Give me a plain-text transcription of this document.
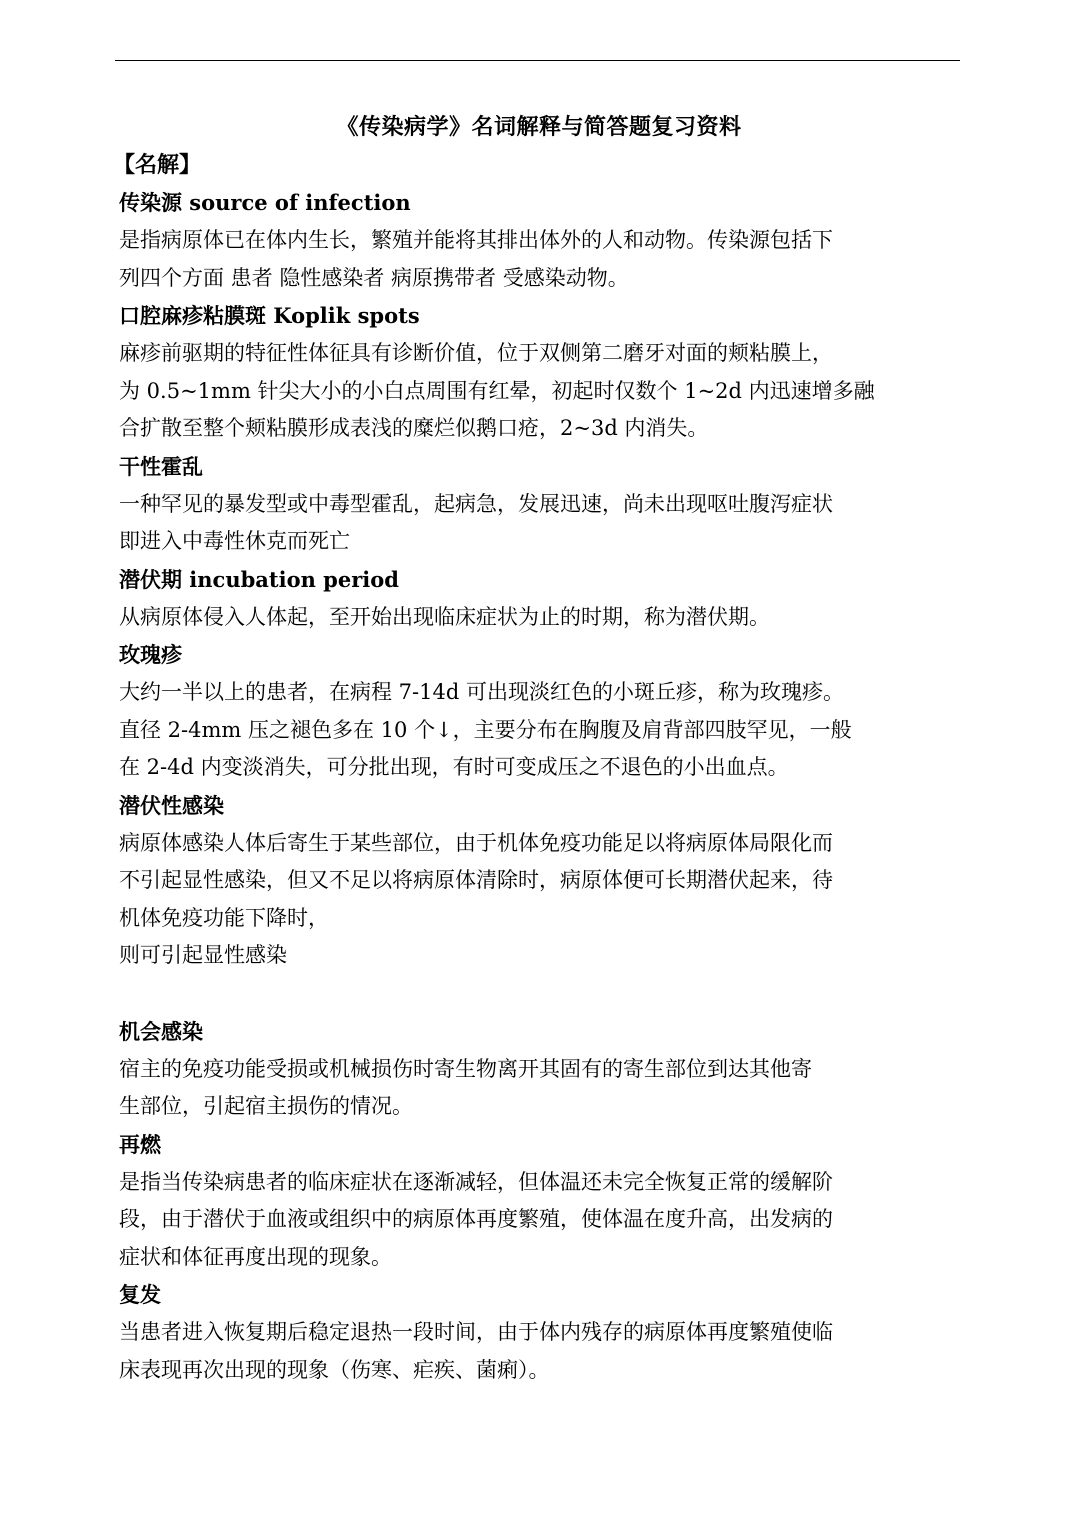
《传染病学》名词解释与简答题复习资料
【名解】
传染源 source of infection

是指病原体已在体内生长，繁殖并能将其排出体外的人和动物。传染源包括下

列四个方面 患者 隐性感染者 病原携带者 受感染动物。

口腔麻疹粘膜斑 Koplik spots

麻疹前驱期的特征性体征具有诊断价值，位于双侧第二磨牙对面的颊粘膜上，

为 0.5~1mm 针尖大小的小白点周围有红晕，初起时仅数个 1~2d 内迅速增多融

合扩散至整个颊粘膜形成表浅的糜烂似鹅口疮，2~3d 内消失。

干性霍乱

一种罕见的暴发型或中毒型霍乱，起病急，发展迅速，尚未出现呕吐腹泻症状

即进入中毒性休克而死亡

潜伏期 incubation period

从病原体侵入人体起，至开始出现临床症状为止的时期，称为潜伏期。

玫瑰疹

大约一半以上的患者，在病程 7-14d 可出现淡红色的小斑丘疹，称为玫瑰疹。

直径 2-4mm 压之褪色多在 10 个↓，主要分布在胸腹及肩背部四肢罕见，一般

在 2-4d 内变淡消失，可分批出现，有时可变成压之不退色的小出血点。

潜伏性感染

病原体感染人体后寄生于某些部位，由于机体免疫功能足以将病原体局限化而

不引起显性感染，但又不足以将病原体清除时，病原体便可长期潜伏起来，待

机体免疫功能下降时，

则可引起显性感染

机会感染

宿主的免疫功能受损或机械损伤时寄生物离开其固有的寄生部位到达其他寄

生部位，引起宿主损伤的情况。

再燃

是指当传染病患者的临床症状在逐渐减轻，但体温还未完全恢复正常的缓解阶

段，由于潜伏于血液或组织中的病原体再度繁殖，使体温在度升高，出发病的

症状和体征再度出现的现象。

复发

当患者进入恢复期后稳定退热一段时间，由于体内残存的病原体再度繁殖使临

床表现再次出现的现象（伤寒、疟疾、菌痢）。
